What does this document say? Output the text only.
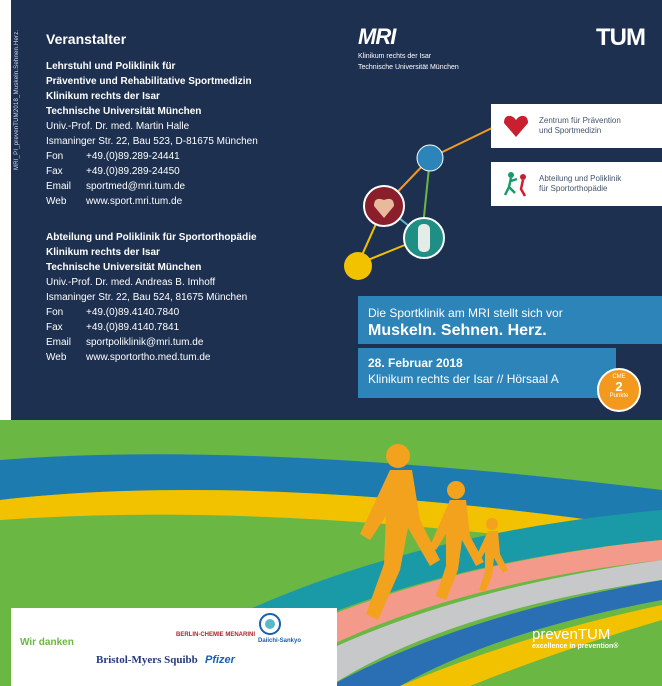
MRI_PI_prevenTUM2018_Muskeln.Sehnen.Herz. Veranstalter
Lehrstuhl und Poliklinik für
Präventive und Rehabilitative Sportmedizin
Klinikum rechts der Isar
Technische Universität München
Univ.-Prof. Dr. med. Martin Halle
Ismaninger Str. 22, Bau 523, D-81675 München
Fon	+49.(0)89.289-24441
Fax	+49.(0)89.289-24450
Email	sportmed@mri.tum.de
Web	www.sport.mri.tum.de
Abteilung und Poliklinik für Sportorthopädie
Klinikum rechts der Isar
Technische Universität München
Univ.-Prof. Dr. med. Andreas B. Imhoff
Ismaninger Str. 22, Bau 524, 81675 München
Fon	+49.(0)89.4140.7840
Fax	+49.(0)89.4140.7841
Email	sportpoliklinik@mri.tum.de
Web	www.sportortho.med.tum.de
MRI
Klinikum rechts der Isar
Technische Universität München
TUM
Zentrum für Prävention
und Sportmedizin
Abteilung und Poliklinik
für Sportorthopädie
Die Sportklinik am MRI stellt sich vor
Muskeln. Sehnen. Herz.
28. Februar 2018
Klinikum rechts der Isar // Hörsaal A	CME
2
Punkte
Wir danken
BERLIN-CHEMIE MENARINI
Bristol-Myers Squibb Pfizer
Daiichi-Sankyo	prevenTUM
excellence in prevention®
